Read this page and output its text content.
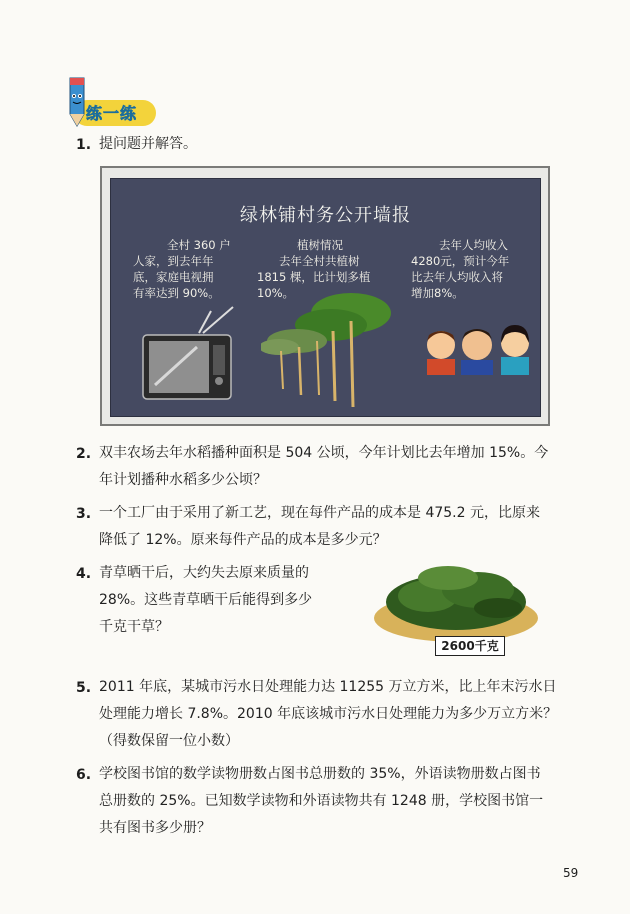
练一练
1. 提问题并解答。
绿林铺村务公开墙报
全村 360 户
人家，到去年年
底，家庭电视拥
有率达到 90%。
植树情况
去年全村共植树
1815 棵，比计划多植
10%。
去年人均收入
4280元，预计今年
比去年人均收入将
增加8%。
2. 双丰农场去年水稻播种面积是 504 公顷，今年计划比去年增加 15%。今
年计划播种水稻多少公顷？
3. 一个工厂由于采用了新工艺，现在每件产品的成本是 475.2 元，比原来
降低了 12%。原来每件产品的成本是多少元？
4. 青草晒干后，大约失去原来质量的
28%。这些青草晒干后能得到多少
千克干草？
2600千克
5. 2011 年底，某城市污水日处理能力达 11255 万立方米，比上年末污水日
处理能力增长 7.8%。2010 年底该城市污水日处理能力为多少万立方米？
（得数保留一位小数）
6. 学校图书馆的数学读物册数占图书总册数的 35%，外语读物册数占图书
总册数的 25%。已知数学读物和外语读物共有 1248 册，学校图书馆一
共有图书多少册？
59
